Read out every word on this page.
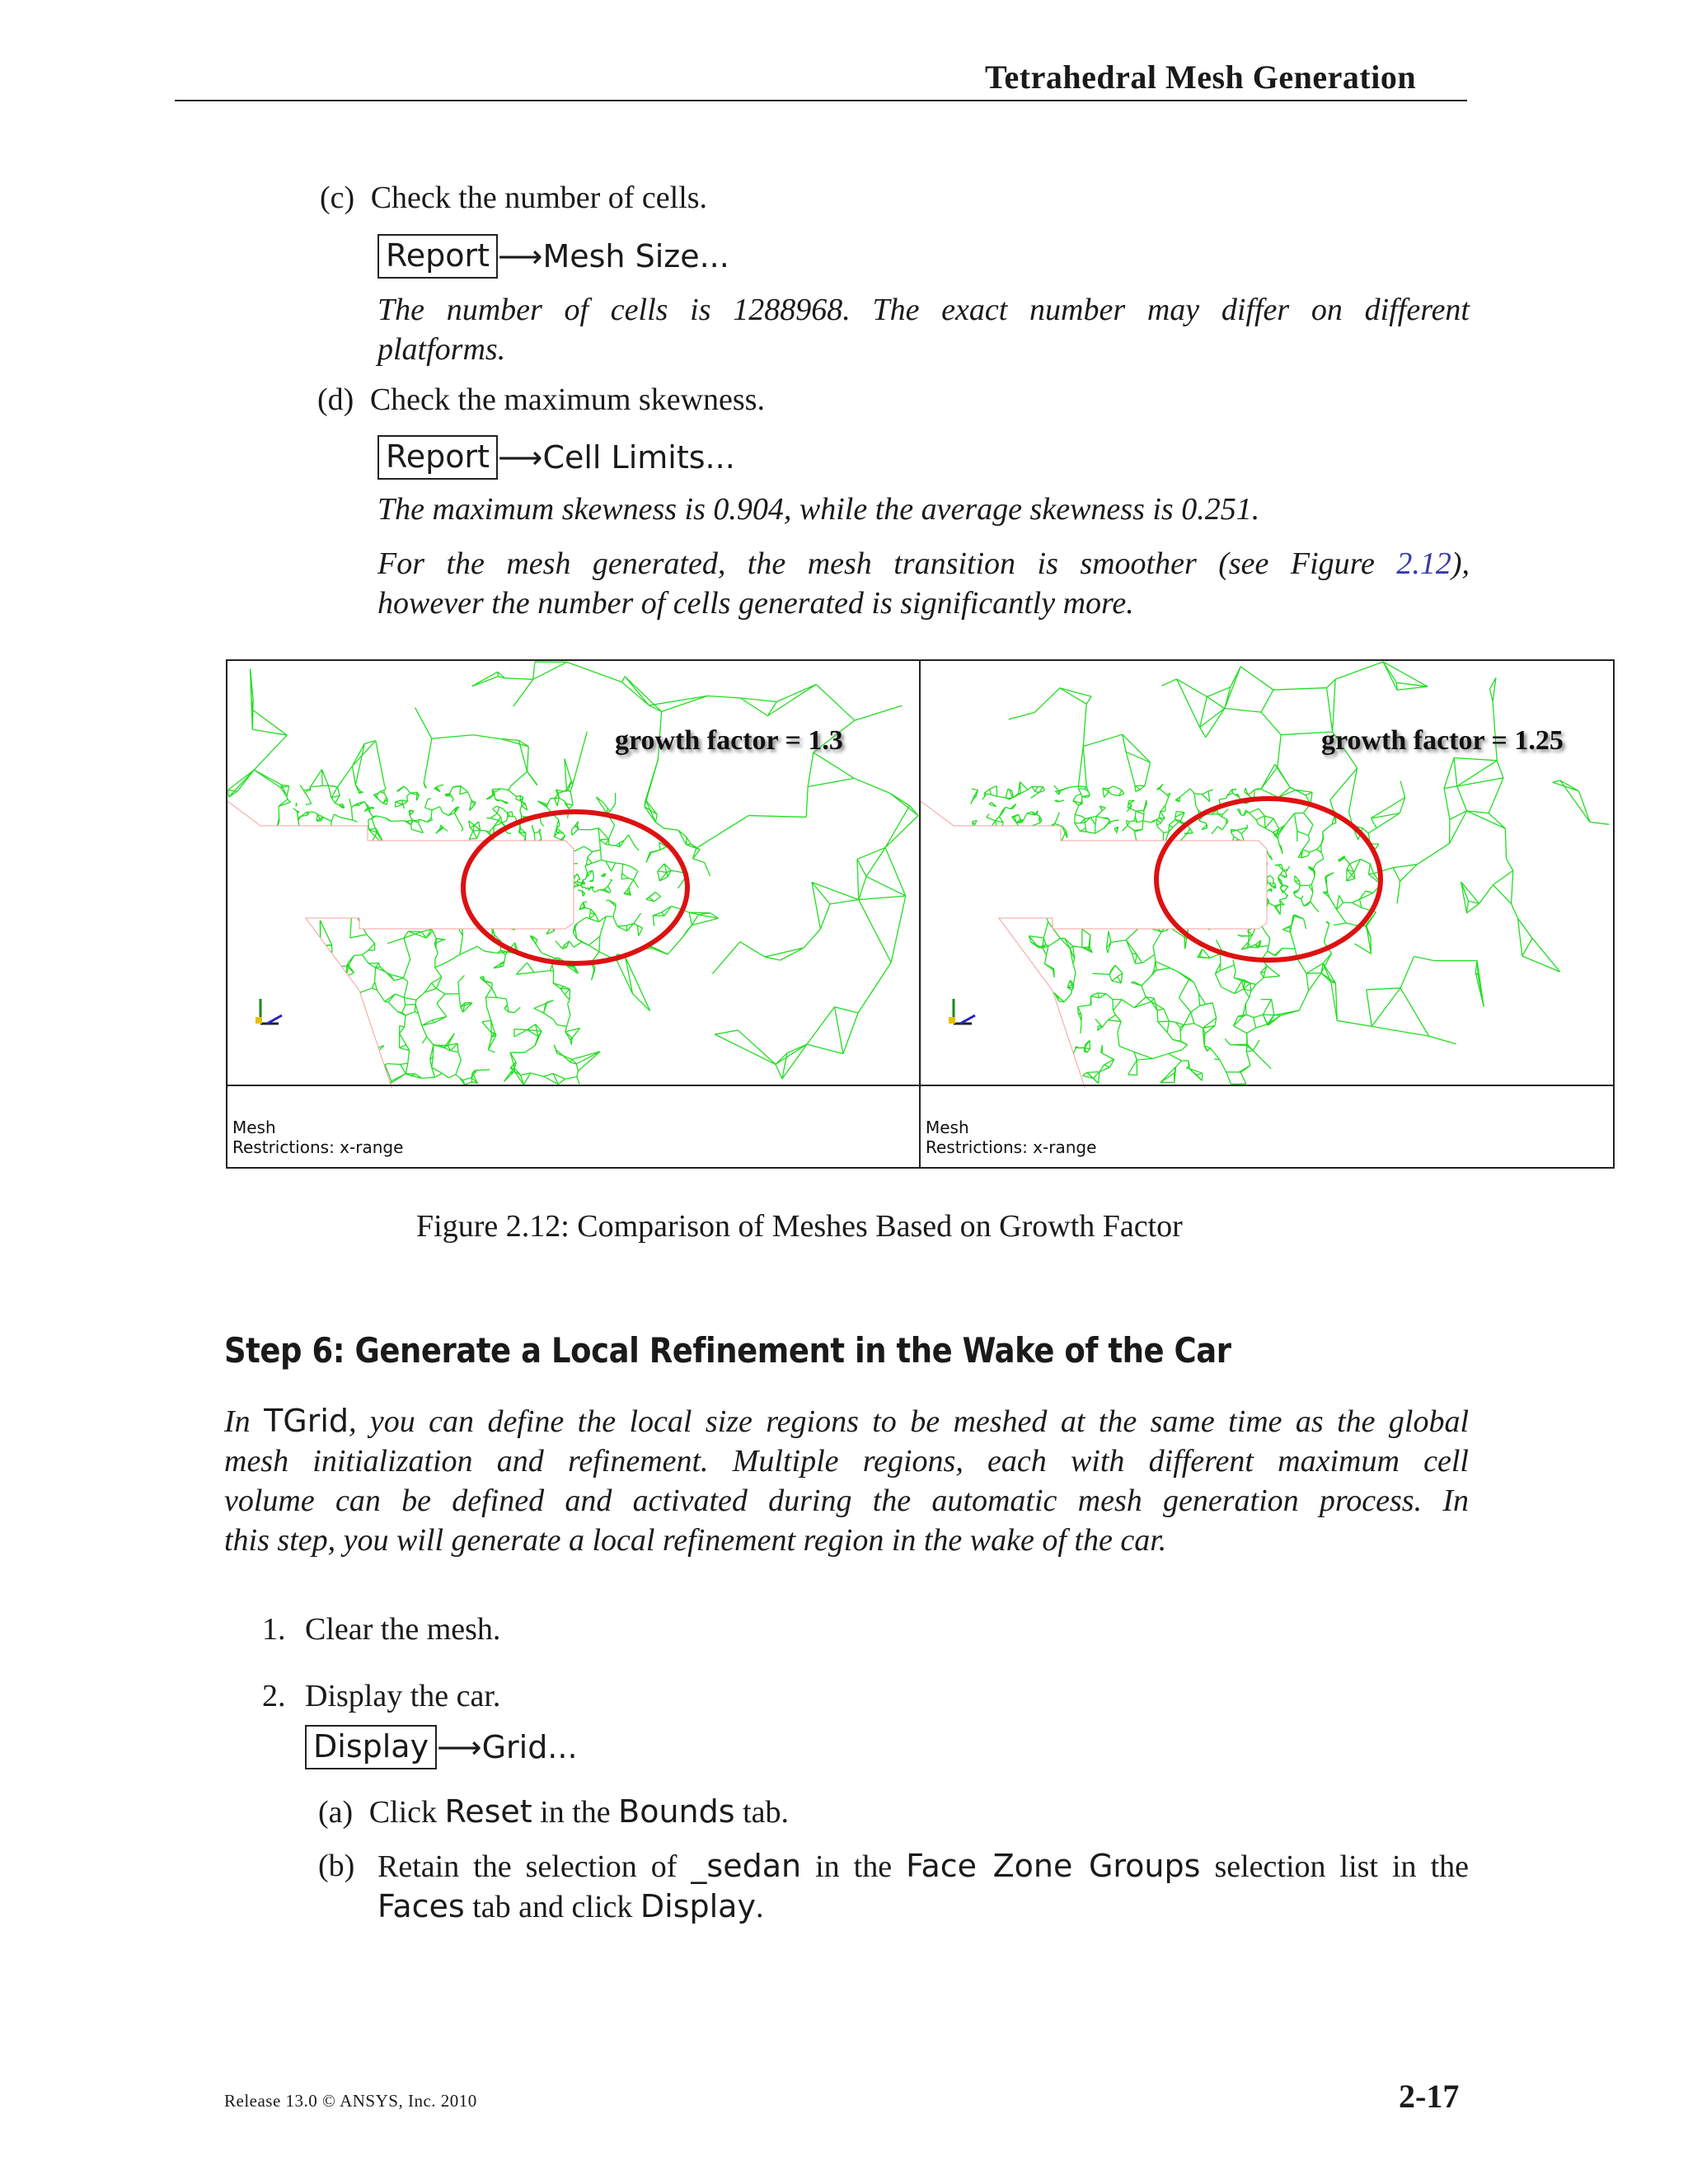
Tetrahedral Mesh Generation
(c) Check the number of cells.
Report ⟶ Mesh Size...
The number of cells is 1288968. The exact number may differ on different
platforms.
(d) Check the maximum skewness.
Report ⟶ Cell Limits...
The maximum skewness is 0.904, while the average skewness is 0.251.
For the mesh generated, the mesh transition is smoother (see Figure 2.12),
however the number of cells generated is significantly more.
growth factor = 1.3
Mesh
Restrictions: x-range
growth factor = 1.25
Mesh
Restrictions: x-range
Figure 2.12: Comparison of Meshes Based on Growth Factor
Step 6: Generate a Local Refinement in the Wake of the Car
In TGrid, you can define the local size regions to be meshed at the same time as the global
mesh initialization and refinement. Multiple regions, each with different maximum cell
volume can be defined and activated during the automatic mesh generation process. In
this step, you will generate a local refinement region in the wake of the car.
1. Clear the mesh.
2. Display the car.
Display ⟶ Grid...
(a) Click Reset in the Bounds tab.
(b) Retain the selection of _sedan in the Face Zone Groups selection list in the
Faces tab and click Display.
Release 13.0 © ANSYS, Inc. 2010	2-17
